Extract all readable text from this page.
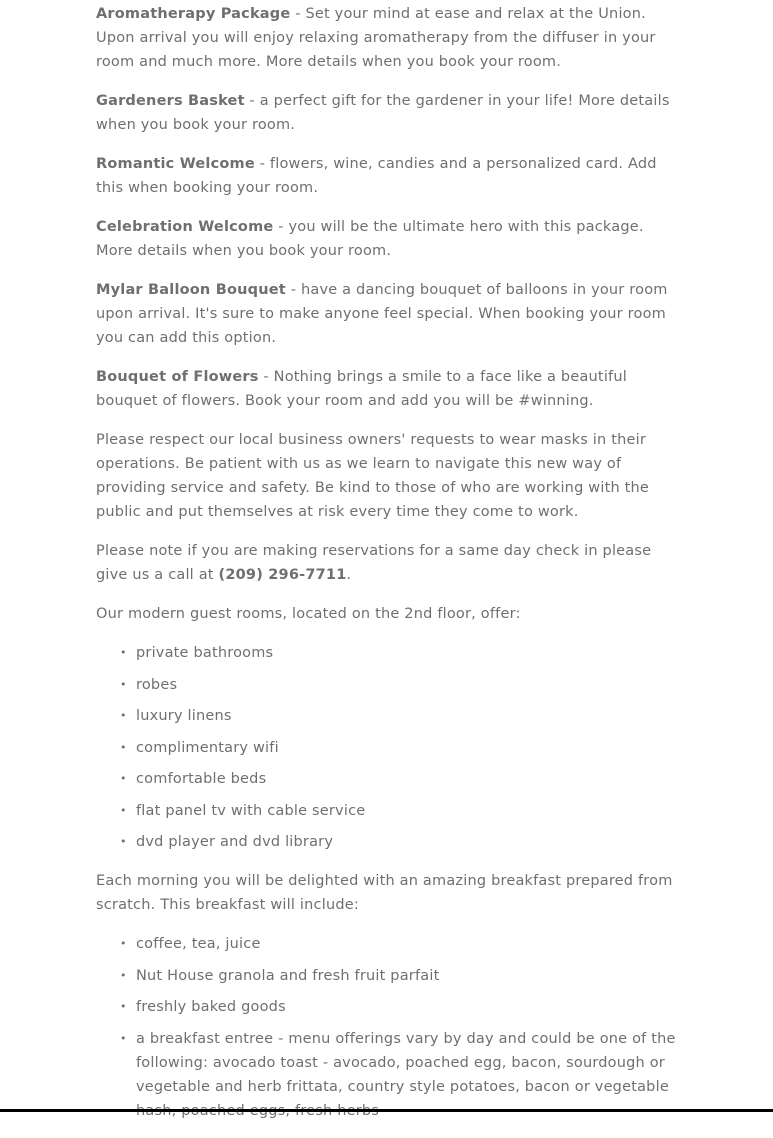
Aromatherapy Package - Set your mind at ease and relax at the Union. Upon arrival you will enjoy relaxing aromatherapy from the diffuser in your room and much more. More details when you book your room.

Gardeners Basket - a perfect gift for the gardener in your life! More details when you book your room.

Romantic Welcome - flowers, wine, candies and a personalized card. Add this when booking your room.

Celebration Welcome - you will be the ultimate hero with this package. More details when you book your room.

Mylar Balloon Bouquet - have a dancing bouquet of balloons in your room upon arrival. It's sure to make anyone feel special. When booking your room you can add this option.

Bouquet of Flowers - Nothing brings a smile to a face like a beautiful bouquet of flowers. Book your room and add you will be #winning.

Please respect our local business owners' requests to wear masks in their operations. Be patient with us as we learn to navigate this new way of providing service and safety. Be kind to those of who are working with the public and put themselves at risk every time they come to work.

Please note if you are making reservations for a same day check in please give us a call at (209) 296-7711.

Our modern guest rooms, located on the 2nd floor, offer:

• private bathrooms
• robes
• luxury linens
• complimentary wifi
• comfortable beds
• flat panel tv with cable service
• dvd player and dvd library

Each morning you will be delighted with an amazing breakfast prepared from scratch. This breakfast will include:

• coffee, tea, juice
• Nut House granola and fresh fruit parfait
• freshly baked goods
• a breakfast entree - menu offerings vary by day and could be one of the following: avocado toast - avocado, poached egg, bacon, sourdough or vegetable and herb frittata, country style potatoes, bacon or vegetable
